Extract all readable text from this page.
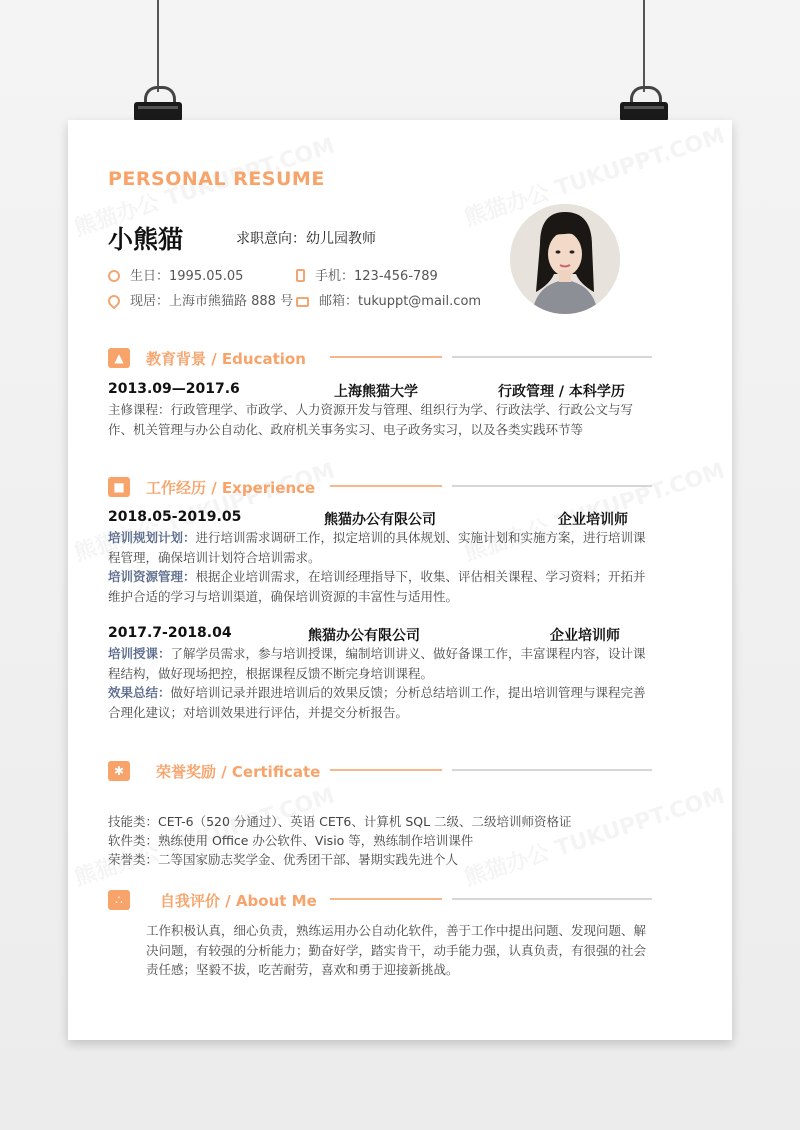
PERSONAL RESUME
小熊猫	求职意向：幼儿园教师
生日：1995.05.05	手机：123-456-789
现居：上海市熊猫路 888 号	邮箱：tukuppt@mail.com
▲	教育背景 / Education
2013.09—2017.6	上海熊猫大学	行政管理 / 本科学历
主修课程：行政管理学、市政学、人力资源开发与管理、组织行为学、行政法学、行政公文与写作、机关管理与办公自动化、政府机关事务实习、电子政务实习，以及各类实践环节等
■	工作经历 / Experience
2018.05-2019.05	熊猫办公有限公司	企业培训师
培训规划计划：进行培训需求调研工作，拟定培训的具体规划、实施计划和实施方案，进行培训课程管理，确保培训计划符合培训需求。
培训资源管理：根据企业培训需求，在培训经理指导下，收集、评估相关课程、学习资料；开拓并维护合适的学习与培训渠道，确保培训资源的丰富性与适用性。
2017.7-2018.04	熊猫办公有限公司	企业培训师
培训授课：了解学员需求，参与培训授课，编制培训讲义、做好备课工作，丰富课程内容，设计课程结构，做好现场把控，根据课程反馈不断完身培训课程。
效果总结：做好培训记录并跟进培训后的效果反馈；分析总结培训工作，提出培训管理与课程完善合理化建议；对培训效果进行评估，并提交分析报告。
✱	荣誉奖励 / Certificate
技能类：CET-6（520 分通过）、英语 CET6、计算机 SQL 二级、二级培训师资格证
软件类：熟练使用 Office 办公软件、Visio 等，熟练制作培训课件
荣誉类：二等国家励志奖学金、优秀团干部、暑期实践先进个人
∴	自我评价 / About Me
工作积极认真，细心负责，熟练运用办公自动化软件，善于工作中提出问题、发现问题、解决问题，有较强的分析能力；勤奋好学，踏实肯干，动手能力强，认真负责，有很强的社会责任感；坚毅不拔，吃苦耐劳，喜欢和勇于迎接新挑战。
